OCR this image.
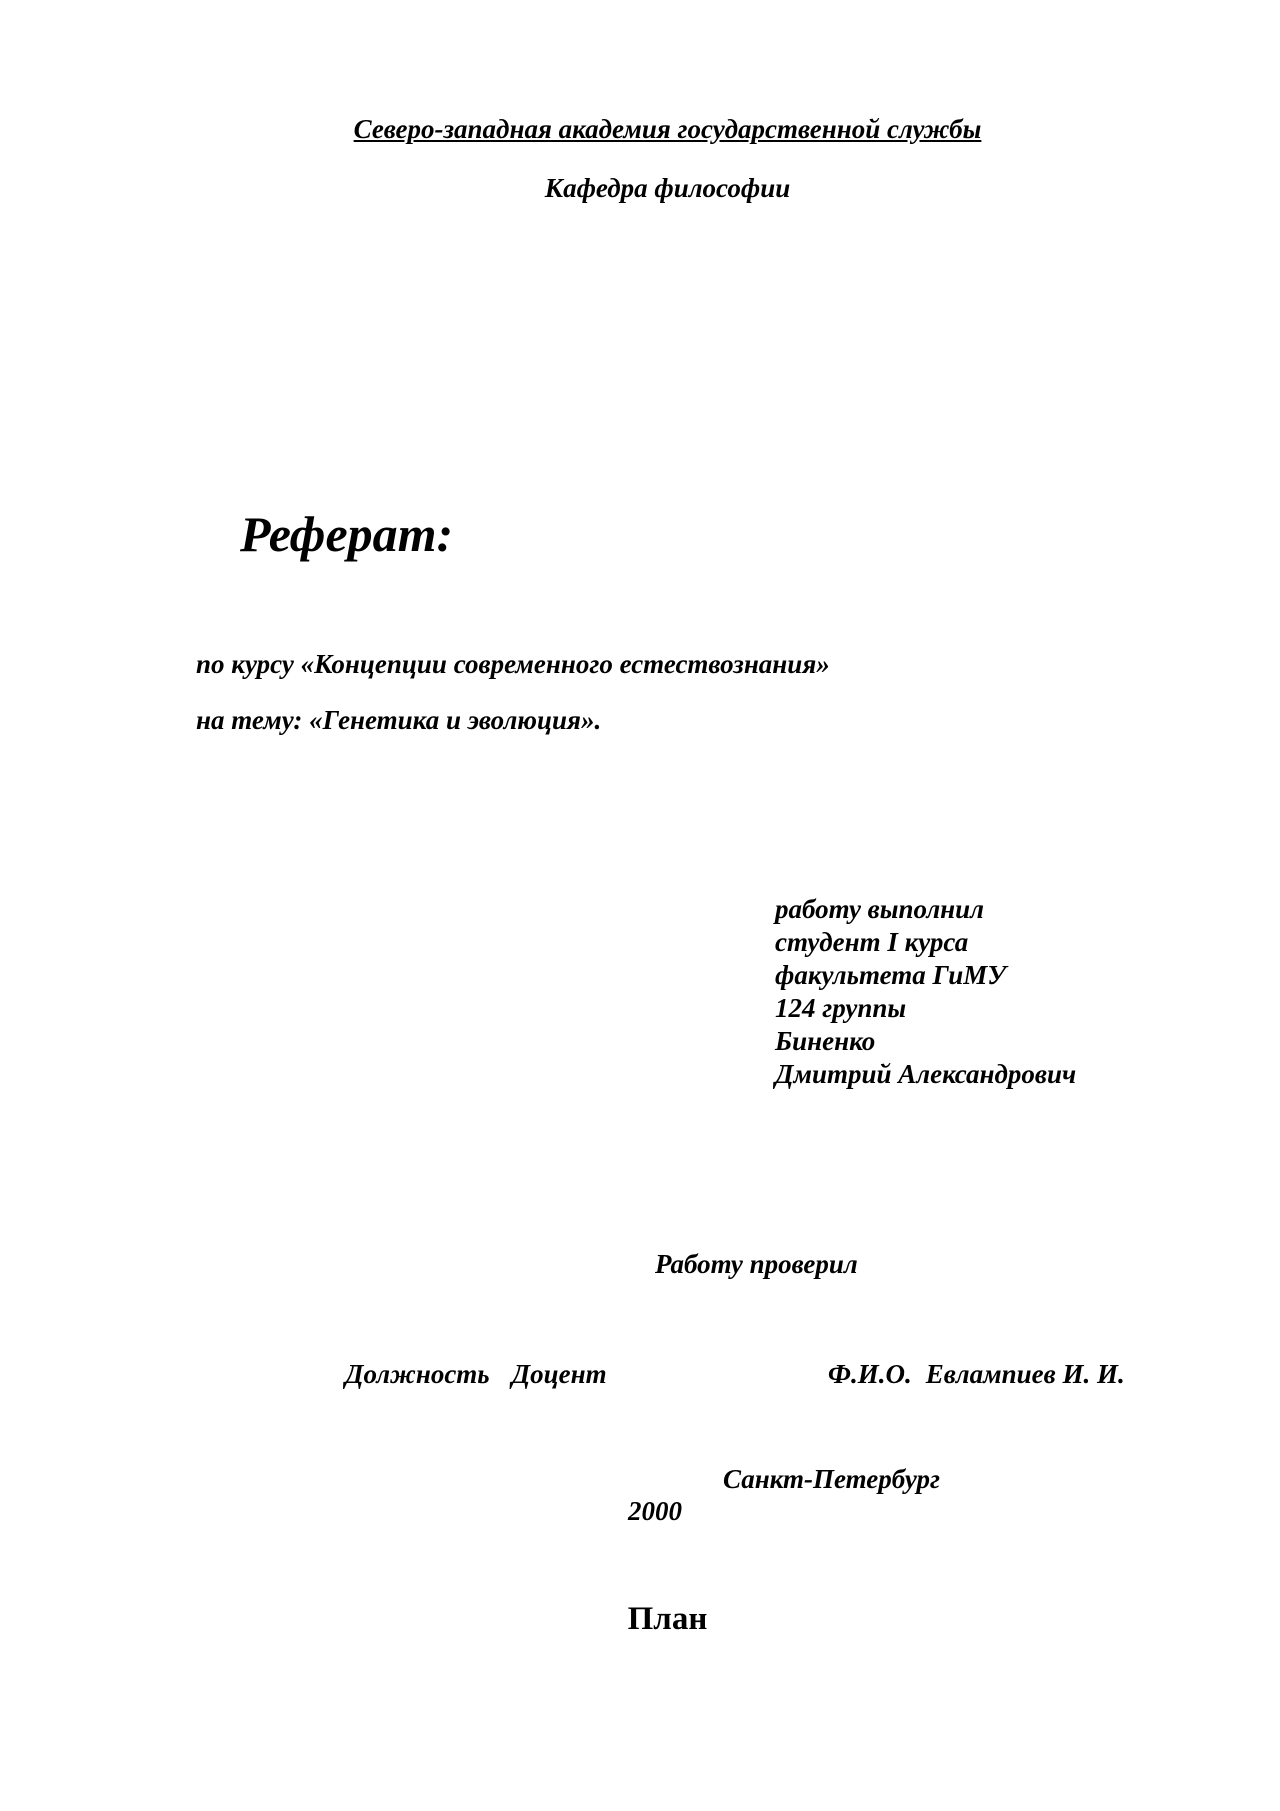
Северо-западная академия государственной службы

Кафедра философии

Реферат:

по курсу «Концепции современного естествознания»

на тему: «Генетика и эволюция».

работу выполнил
студент I курса
факультета ГиМУ
124 группы
Биненко
Дмитрий Александрович

Работу проверил

Должность Доцент	Ф.И.О. Евлампиев И. И.

Санкт-Петербург

2000

План
